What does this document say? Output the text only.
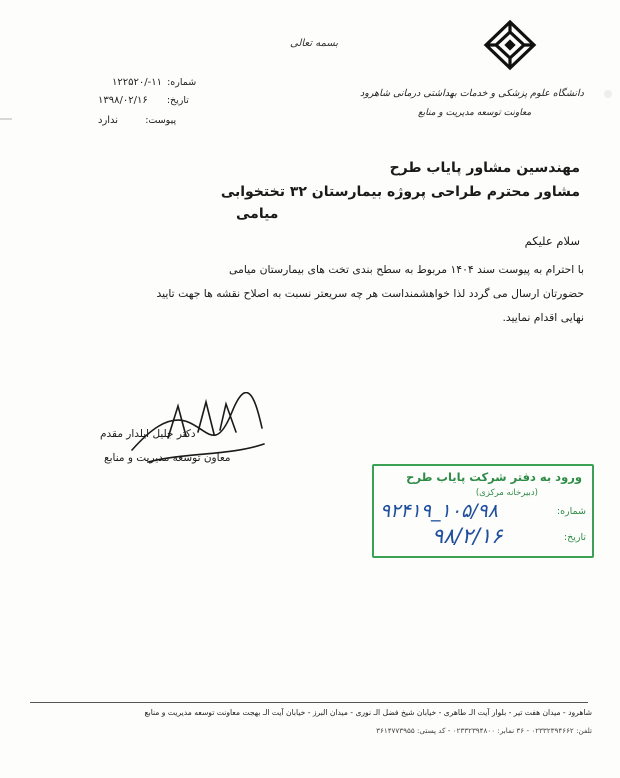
بسمه تعالی
دانشگاه علوم پزشکی و خدمات بهداشتی درمانی شاهرود
معاونت توسعه مدیریت و منابع
شماره: ۱۱-/۱۲۲۵۲۰
تاریخ: ۱۳۹۸/۰۲/۱۶
پیوست: ندارد
مهندسین مشاور پایاب طرح
مشاور محترم طراحی پروژه بیمارستان ۳۲ تختخوابی
میامی
سلام علیکم
با احترام به پیوست سند ۱۴۰۴ مربوط به سطح بندی تخت های بیمارستان میامی
حضورتان ارسال می گردد لذا خواهشمنداست هر چه سریعتر نسبت به اصلاح نقشه ها جهت تایید
نهایی اقدام نمایید.
دکتر جلیل ایلدار مقدم
معاون توسعه مدیریت و منابع
ورود به دفتر شرکت پایاب طرح
(دبیرخانه مرکزی)
شماره:
تاریخ:
۱۰۵/۹۸_۹۲۴۱۹
۹۸/۲/۱۶
شاهرود - میدان هفت تیر - بلوار آیت الـ طاهری - خیابان شیخ فضل الـ نوری - میدان البرز - خیابان آیت الـ بهجت معاونت توسعه مدیریت و منابع
تلفن: ۰۲۳۳۲۳۹۴۶۶۲ - ۳۶ نمابر: ۰۲۳۳۲۳۹۴۸۰۰ - کد پستی: ۳۶۱۴۷۷۳۹۵۵
